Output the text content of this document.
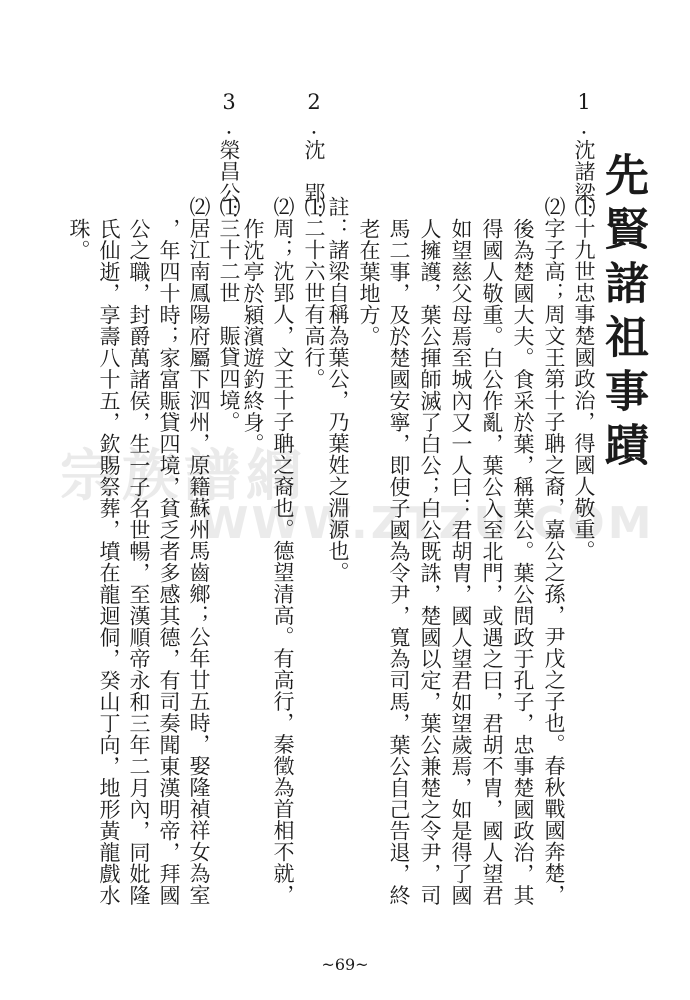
宗族譜網
WWW.ZTZU.COM
先賢諸祖事蹟

1.沈諸梁：

⑴十九世忠事楚國政治，得國人敬重。

⑵字子高；周文王第十子聃之裔，嘉公之孫，尹戊之子也。春秋戰國奔楚，

後為楚國大夫。食采於葉，稱葉公。葉公問政于孔子，忠事楚國政治，其

得國人敬重。白公作亂，葉公入至北門，或遇之曰，君胡不胄，國人望君

如望慈父母焉至城內又一人曰：君胡胄，國人望君如望歲焉，如是得了國

人擁護，葉公揮師滅了白公；白公既誅，楚國以定，葉公兼楚之令尹，司

馬二事，及於楚國安寧，即使子國為令尹，寬為司馬，葉公自己告退，終

老在葉地方。

註：諸梁自稱為葉公，乃葉姓之淵源也。

2.沈　郢：

⑴二十六世有高行。

⑵周；沈郢人，文王十子聃之裔也。德望清高。有高行，秦徵為首相不就，

作沈亭於潁濱遊釣終身。

3.榮昌公：

⑴三十二世　賑貸四境。

⑵居江南鳳陽府屬下泗州，原籍蘇州馬齒鄉；公年廿五時，娶隆禎祥女為室

，年四十時；家富賑貸四境，貧乏者多感其德，有司奏聞東漢明帝，拜國

公之職，封爵萬諸侯，生一子名世暢，至漢順帝永和三年二月內，同妣隆

氏仙逝，享壽八十五，欽賜祭葬，墳在龍迴侗，癸山丁向，地形黃龍戲水

珠。

~69~
